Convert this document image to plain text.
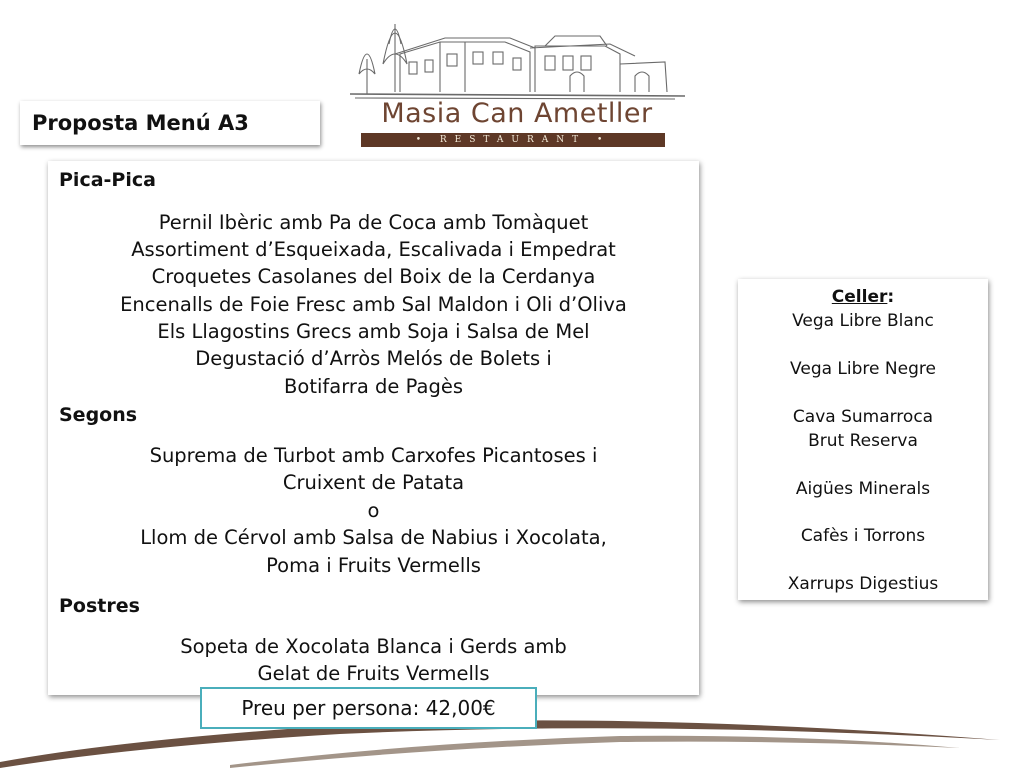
Masia Can Ametller
• RESTAURANT •
Proposta Menú A3
Pica-Pica
Pernil Ibèric amb Pa de Coca amb Tomàquet
Assortiment d’Esqueixada, Escalivada i Empedrat
Croquetes Casolanes del Boix de la Cerdanya
Encenalls de Foie Fresc amb Sal Maldon i Oli d’Oliva
Els Llagostins Grecs amb Soja i Salsa de Mel
Degustació d’Arròs Melós de Bolets i
Botifarra de Pagès
Segons
Suprema de Turbot amb Carxofes Picantoses i
Cruixent de Patata
o
Llom de Cérvol amb Salsa de Nabius i Xocolata,
Poma i Fruits Vermells
Postres
Sopeta de Xocolata Blanca i Gerds amb
Gelat de Fruits Vermells
Celler:
Vega Libre Blanc
Vega Libre Negre
Cava Sumarroca
Brut Reserva
Aigües Minerals
Cafès i Torrons
Xarrups Digestius
Preu per persona: 42,00€
